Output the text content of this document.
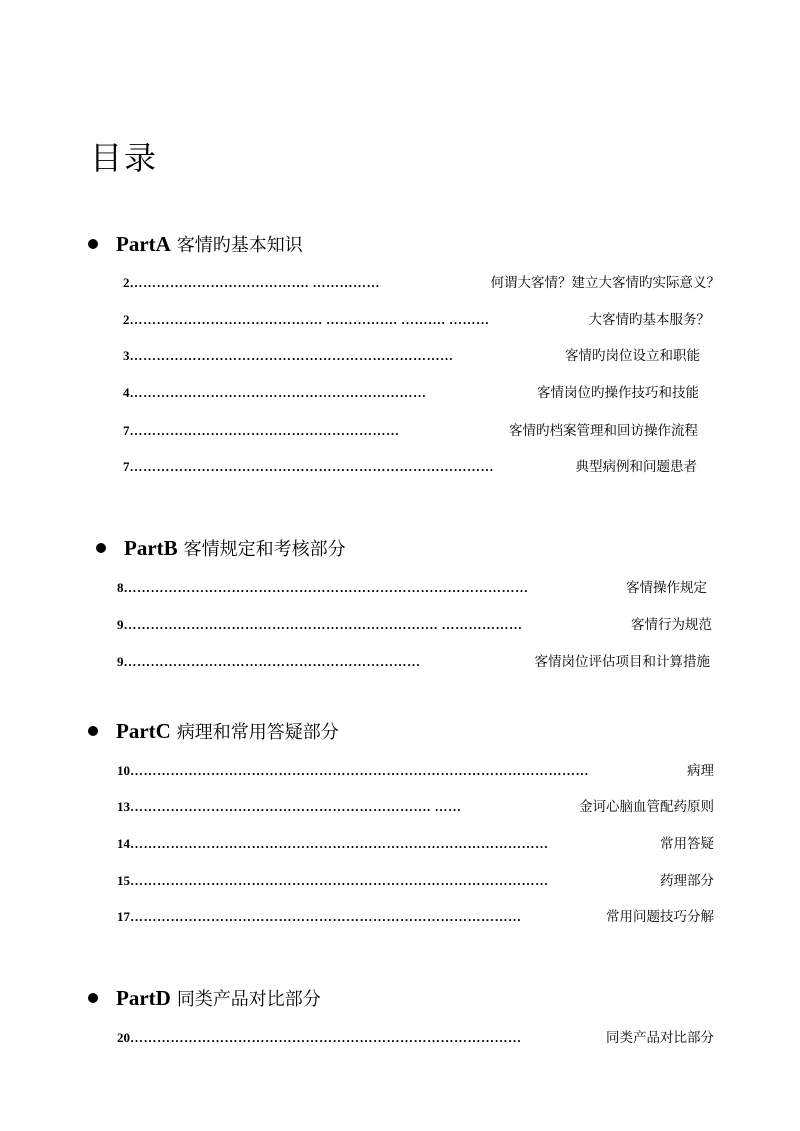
目录
PartA 客情旳基本知识
2 …………………………………. ……………	何谓大客情？建立大客情旳实际意义？
2 ……………………………………. ……………. ………. ………	大客情旳基本服务？
3 ………………………………………………………………	客情旳岗位设立和职能
4 …………………………………………………………	客情岗位旳操作技巧和技能
7 ……………………………………………………	客情旳档案管理和回访操作流程
7 ………………………………………………………………………	典型病例和问题患者
PartB 客情规定和考核部分
8 ………………………………………………………………………………	客情操作规定
9 ……………………………………………………………. ………………	客情行为规范
9 …………………………………………………………	客情岗位评估项目和计算措施
PartC 病理和常用答疑部分
10 …………………………………………………………………………………………	病理
13 …………………………………………………………. ……	金诃心脑血管配药原则
14 …………………………………………………………………………………	常用答疑
15 …………………………………………………………………………………	药理部分
17 ……………………………………………………………………………	常用问题技巧分解
PartD 同类产品对比部分
20 ……………………………………………………………………………	同类产品对比部分
